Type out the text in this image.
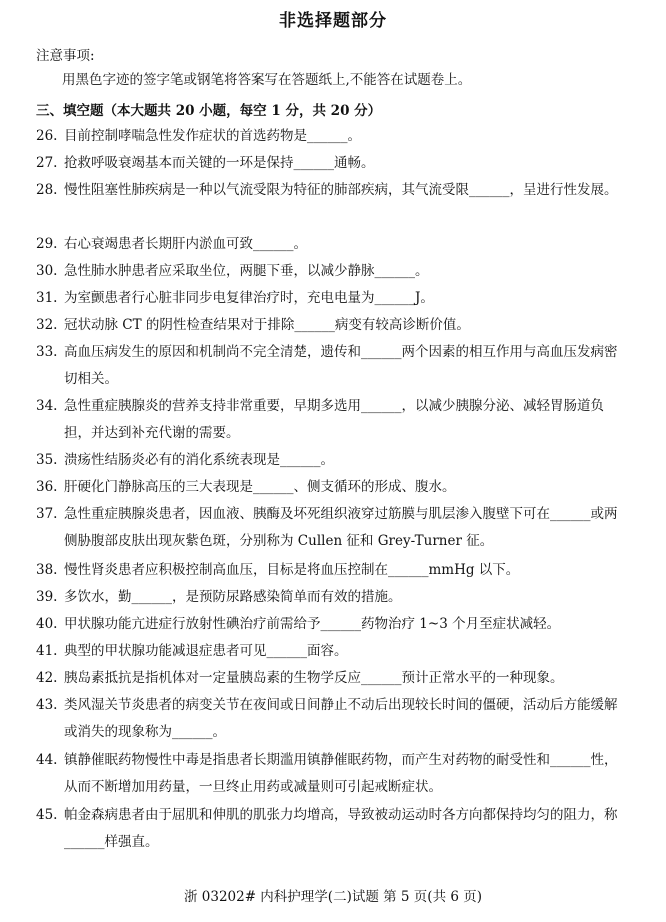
非选择题部分
注意事项:
用黑色字迹的签字笔或钢笔将答案写在答题纸上,不能答在试题卷上。
三、填空题（本大题共 20 小题，每空 1 分，共 20 分）
26. 目前控制哮喘急性发作症状的首选药物是______。
27. 抢救呼吸衰竭基本而关键的一环是保持______通畅。
28. 慢性阻塞性肺疾病是一种以气流受限为特征的肺部疾病，其气流受限______，呈进行性发展。
29. 右心衰竭患者长期肝内淤血可致______。
30. 急性肺水肿患者应采取坐位，两腿下垂，以减少静脉______。
31. 为室颤患者行心脏非同步电复律治疗时，充电电量为______J。
32. 冠状动脉 CT 的阴性检查结果对于排除______病变有较高诊断价值。
33. 高血压病发生的原因和机制尚不完全清楚，遗传和______两个因素的相互作用与高血压发病密切相关。
34. 急性重症胰腺炎的营养支持非常重要，早期多选用______，以减少胰腺分泌、减轻胃肠道负担，并达到补充代谢的需要。
35. 溃疡性结肠炎必有的消化系统表现是______。
36. 肝硬化门静脉高压的三大表现是______、侧支循环的形成、腹水。
37. 急性重症胰腺炎患者，因血液、胰酶及坏死组织液穿过筋膜与肌层渗入腹壁下可在______或两侧胁腹部皮肤出现灰紫色斑，分别称为 Cullen 征和 Grey-Turner 征。
38. 慢性肾炎患者应积极控制高血压，目标是将血压控制在______mmHg 以下。
39. 多饮水，勤______，是预防尿路感染简单而有效的措施。
40. 甲状腺功能亢进症行放射性碘治疗前需给予______药物治疗 1~3 个月至症状减轻。
41. 典型的甲状腺功能减退症患者可见______面容。
42. 胰岛素抵抗是指机体对一定量胰岛素的生物学反应______预计正常水平的一种现象。
43. 类风湿关节炎患者的病变关节在夜间或日间静止不动后出现较长时间的僵硬，活动后方能缓解或消失的现象称为______。
44. 镇静催眠药物慢性中毒是指患者长期滥用镇静催眠药物，而产生对药物的耐受性和______性，从而不断增加用药量，一旦终止用药或减量则可引起戒断症状。
45. 帕金森病患者由于屈肌和伸肌的肌张力均增高，导致被动运动时各方向都保持均匀的阻力，称______样强直。
浙 03202# 内科护理学(二)试题 第 5 页(共 6 页)
